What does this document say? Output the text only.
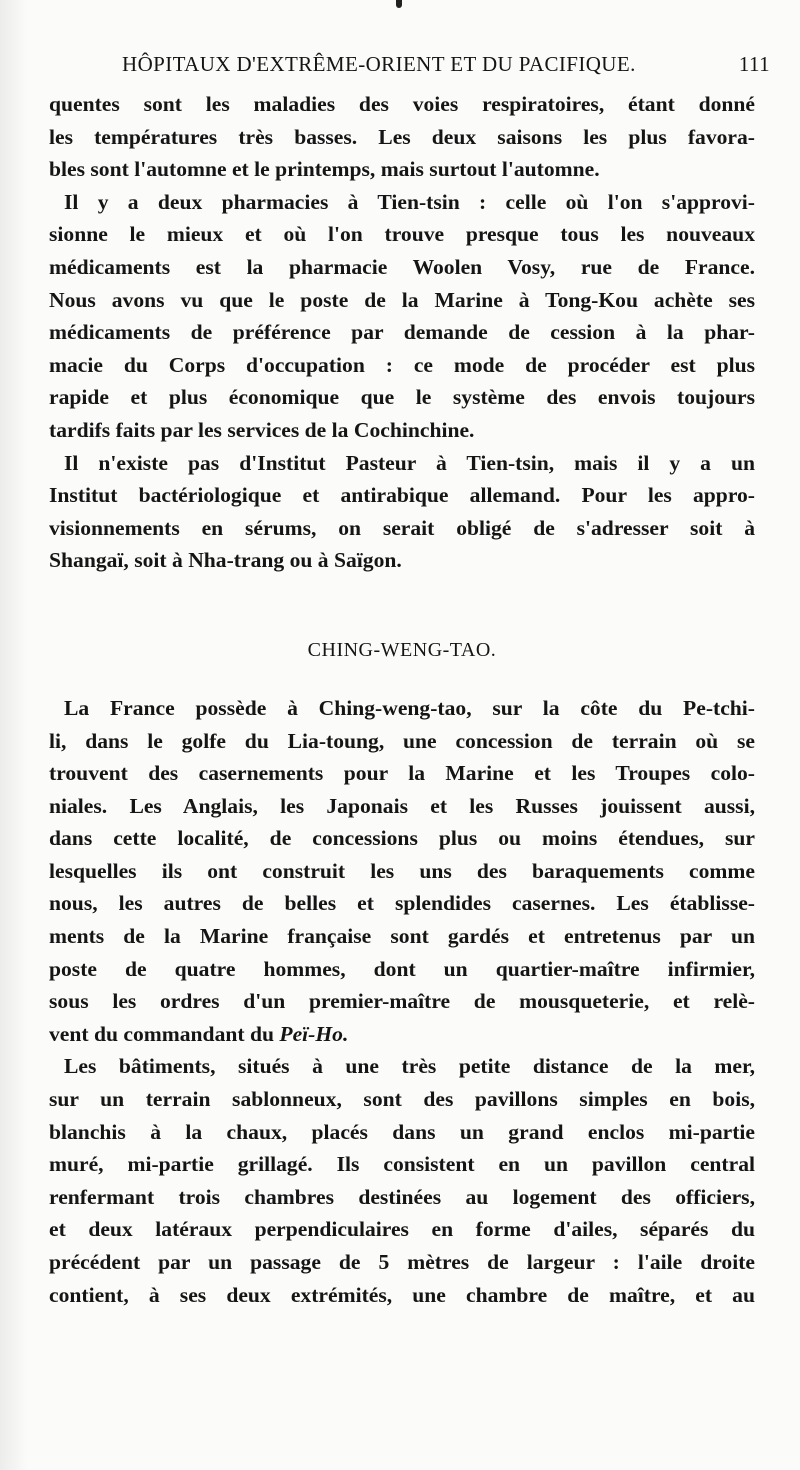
HÔPITAUX D'EXTRÊME-ORIENT ET DU PACIFIQUE.	111
quentes sont les maladies des voies respiratoires, étant donné
les températures très basses. Les deux saisons les plus favora-
bles sont l'automne et le printemps, mais surtout l'automne.
Il y a deux pharmacies à Tien-tsin : celle où l'on s'approvi-
sionne le mieux et où l'on trouve presque tous les nouveaux
médicaments est la pharmacie Woolen Vosy, rue de France.
Nous avons vu que le poste de la Marine à Tong-Kou achète ses
médicaments de préférence par demande de cession à la phar-
macie du Corps d'occupation : ce mode de procéder est plus
rapide et plus économique que le système des envois toujours
tardifs faits par les services de la Cochinchine.
Il n'existe pas d'Institut Pasteur à Tien-tsin, mais il y a un
Institut bactériologique et antirabique allemand. Pour les appro-
visionnements en sérums, on serait obligé de s'adresser soit à
Shangaï, soit à Nha-trang ou à Saïgon.
CHING-WENG-TAO.
La France possède à Ching-weng-tao, sur la côte du Pe-tchi-
li, dans le golfe du Lia-toung, une concession de terrain où se
trouvent des casernements pour la Marine et les Troupes colo-
niales. Les Anglais, les Japonais et les Russes jouissent aussi,
dans cette localité, de concessions plus ou moins étendues, sur
lesquelles ils ont construit les uns des baraquements comme
nous, les autres de belles et splendides casernes. Les établisse-
ments de la Marine française sont gardés et entretenus par un
poste de quatre hommes, dont un quartier-maître infirmier,
sous les ordres d'un premier-maître de mousqueterie, et relè-
vent du commandant du Peï-Ho.
Les bâtiments, situés à une très petite distance de la mer,
sur un terrain sablonneux, sont des pavillons simples en bois,
blanchis à la chaux, placés dans un grand enclos mi-partie
muré, mi-partie grillagé. Ils consistent en un pavillon central
renfermant trois chambres destinées au logement des officiers,
et deux latéraux perpendiculaires en forme d'ailes, séparés du
précédent par un passage de 5 mètres de largeur : l'aile droite
contient, à ses deux extrémités, une chambre de maître, et au
